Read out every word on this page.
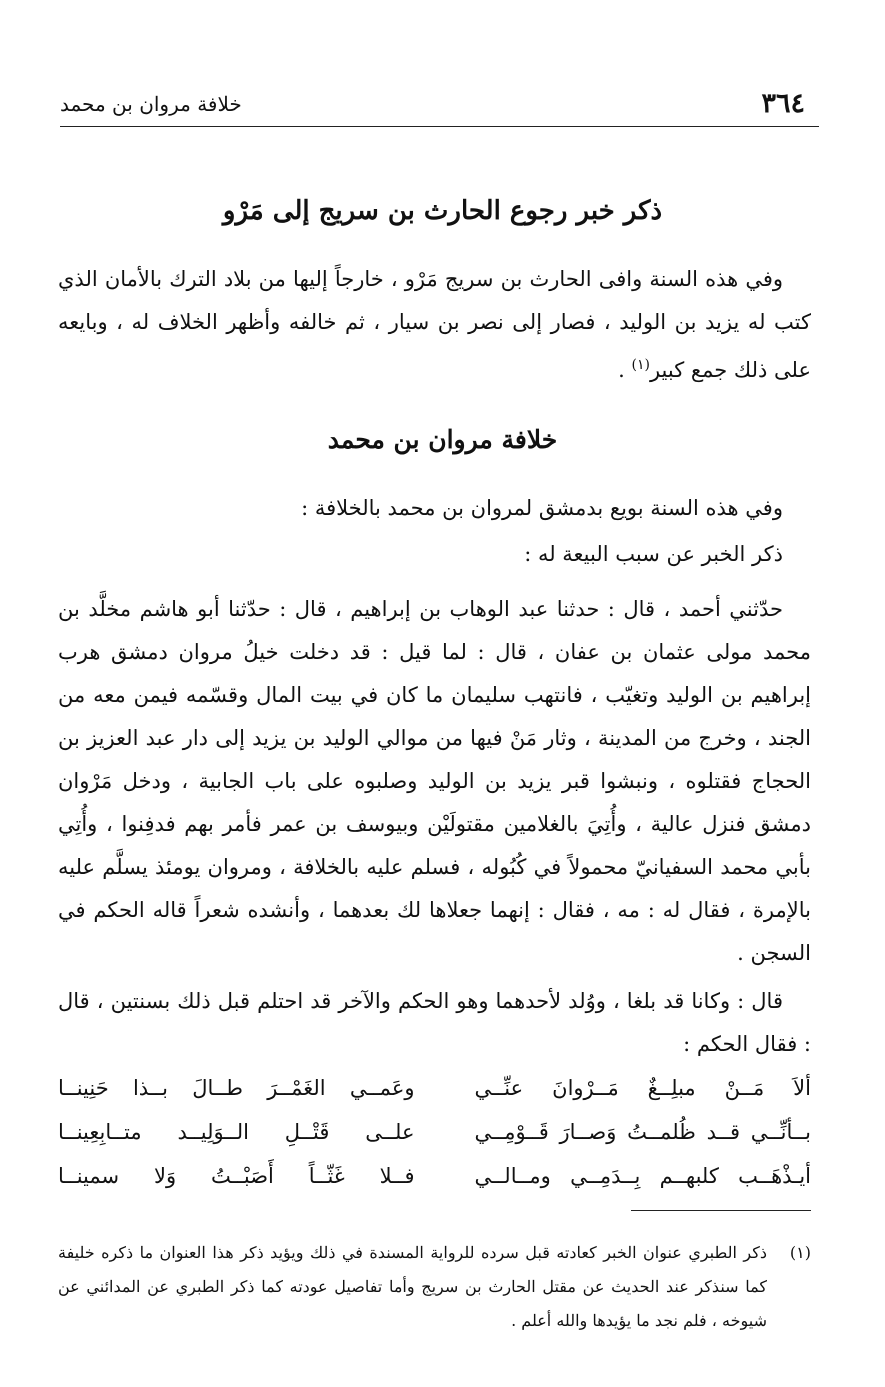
٣٦٤
خلافة مروان بن محمد
ذكر خبر رجوع الحارث بن سريج إلى مَرْو
وفي هذه السنة وافى الحارث بن سريج مَرْو ، خارجاً إليها من بلاد الترك بالأمان الذي كتب له يزيد بن الوليد ، فصار إلى نصر بن سيار ، ثم خالفه وأظهر الخلاف له ، وبايعه على ذلك جمع كبير$^{(١)}$ .
خلافة مروان بن محمد
وفي هذه السنة بويع بدمشق لمروان بن محمد بالخلافة :
ذكر الخبر عن سبب البيعة له :
حدّثني أحمد ، قال : حدثنا عبد الوهاب بن إبراهيم ، قال : حدّثنا أبو هاشم مخلَّد بن محمد مولى عثمان بن عفان ، قال : لما قيل : قد دخلت خيلُ مروان دمشق هرب إبراهيم بن الوليد وتغيّب ، فانتهب سليمان ما كان في بيت المال وقسّمه فيمن معه من الجند ، وخرج من المدينة ، وثار مَنْ فيها من موالي الوليد بن يزيد إلى دار عبد العزيز بن الحجاج فقتلوه ، ونبشوا قبر يزيد بن الوليد وصلبوه على باب الجابية ، ودخل مَرْوان دمشق فنزل عالية ، وأُتِيَ بالغلامين مقتولَيْن وبيوسف بن عمر فأمر بهم فدفِنوا ، وأُتِي بأبي محمد السفيانيّ محمولاً في كُبُوله ، فسلم عليه بالخلافة ، ومروان يومئذ يسلَّم عليه بالإمرة ، فقال له : مه ، فقال : إنهما جعلاها لك بعدهما ، وأنشده شعراً قاله الحكم في السجن .
قال : وكانا قد بلغا ، ووُلد لأحدهما وهو الحكم والآخر قد احتلم قبل ذلك بسنتين ، قال : فقال الحكم :
ألاَ مَــنْ مبلِــغٌ مَــرْوانَ عنِّــي
وعَمــي الغَمْــرَ طــالَ بــذا حَنِينــا
بــأنِّــي قــد ظُلمــتُ وَصــارَ قَــوْمِــي
علــى قَتْــلِ الــوَلِيــد متــابِعِينــا
أيـذْهَــب كلبهــم بِــدَمِــي ومــالــي
فــلا غَثّــاً أَصَبْــتُ وَلا سمينــا
(١)
ذكر الطبري عنوان الخبر كعادته قبل سرده للرواية المسندة في ذلك ويؤيد ذكر هذا العنوان ما ذكره خليفة كما سنذكر عند الحديث عن مقتل الحارث بن سريج وأما تفاصيل عودته كما ذكر الطبري عن المدائني عن شيوخه ، فلم نجد ما يؤيدها والله أعلم .
